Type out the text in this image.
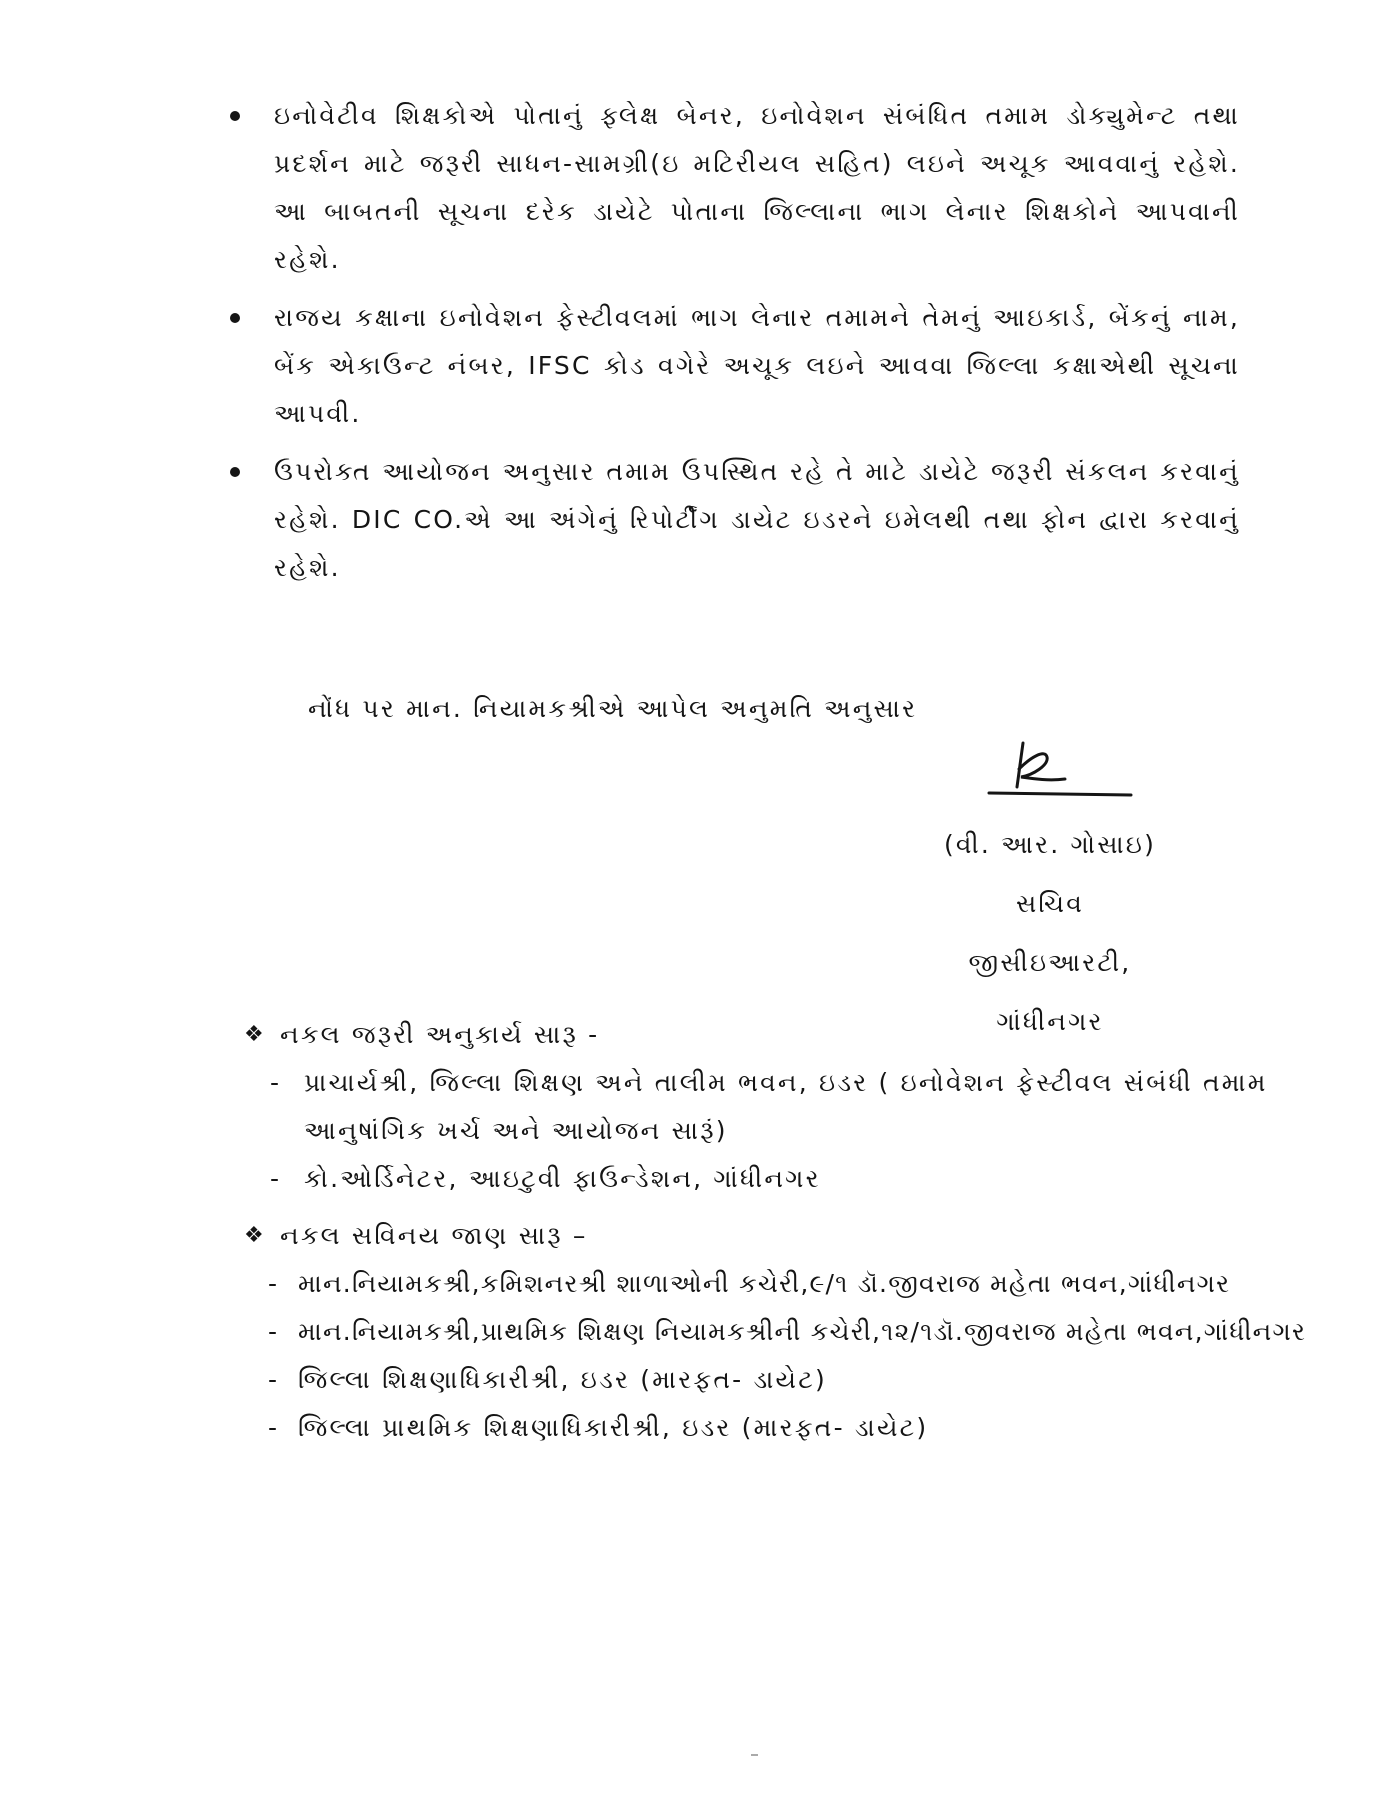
ઇનોવેટીવ શિક્ષકોએ પોતાનું ફ્લેક્ષ બેનર, ઇનોવેશન સંબંધિત તમામ ડોક્યુમેન્ટ તથા પ્રદર્શન માટે જરૂરી સાધન-સામગ્રી(ઇ મટિરીયલ સહિત) લઇને અચૂક આવવાનું રહેશે. આ બાબતની સૂચના દરેક ડાયેટે પોતાના જિલ્લાના ભાગ લેનાર શિક્ષકોને આપવાની રહેશે.
રાજય કક્ષાના ઇનોવેશન ફેસ્ટીવલમાં ભાગ લેનાર તમામને તેમનું આઇકાર્ડ, બેંકનું નામ, બેંક એકાઉન્ટ નંબર, IFSC કોડ વગેરે અચૂક લઇને આવવા જિલ્લા કક્ષાએથી સૂચના આપવી.
ઉપરોક્ત આયોજન અનુસાર તમામ ઉપસ્થિત રહે તે માટે ડાયેટે જરૂરી સંકલન કરવાનું રહેશે. DIC CO.એ આ અંગેનું રિપોર્ટીંગ ડાયેટ ઇડરને ઇમેલથી તથા ફોન દ્વારા કરવાનું રહેશે.
નોંધ પર માન. નિયામકશ્રીએ આપેલ અનુમતિ અનુસાર
(વી. આર. ગોસાઇ)
સચિવ
જીસીઇઆરટી,
ગાંધીનગર
❖ નકલ જરૂરી અનુકાર્ય સારૂ -
- પ્રાચાર્યશ્રી, જિલ્લા શિક્ષણ અને તાલીમ ભવન, ઇડર ( ઇનોવેશન ફેસ્ટીવલ સંબંધી તમામ આનુષાંગિક ખર્ચ અને આયોજન સારૂં)
- કો.ઓર્ડિનેટર, આઇટુવી ફાઉન્ડેશન, ગાંધીનગર
❖ નકલ સવિનય જાણ સારૂ –
- માન.નિયામકશ્રી,કમિશનરશ્રી શાળાઓની કચેરી,૯/૧ ડૉ.જીવરાજ મહેતા ભવન,ગાંધીનગર
- માન.નિયામકશ્રી,પ્રાથમિક શિક્ષણ નિયામકશ્રીની કચેરી,૧૨/૧ડૉ.જીવરાજ મહેતા ભવન,ગાંધીનગર
- જિલ્લા શિક્ષણાધિકારીશ્રી, ઇડર (મારફત- ડાયેટ)
- જિલ્લા પ્રાથમિક શિક્ષણાધિકારીશ્રી, ઇડર (મારફત- ડાયેટ)
